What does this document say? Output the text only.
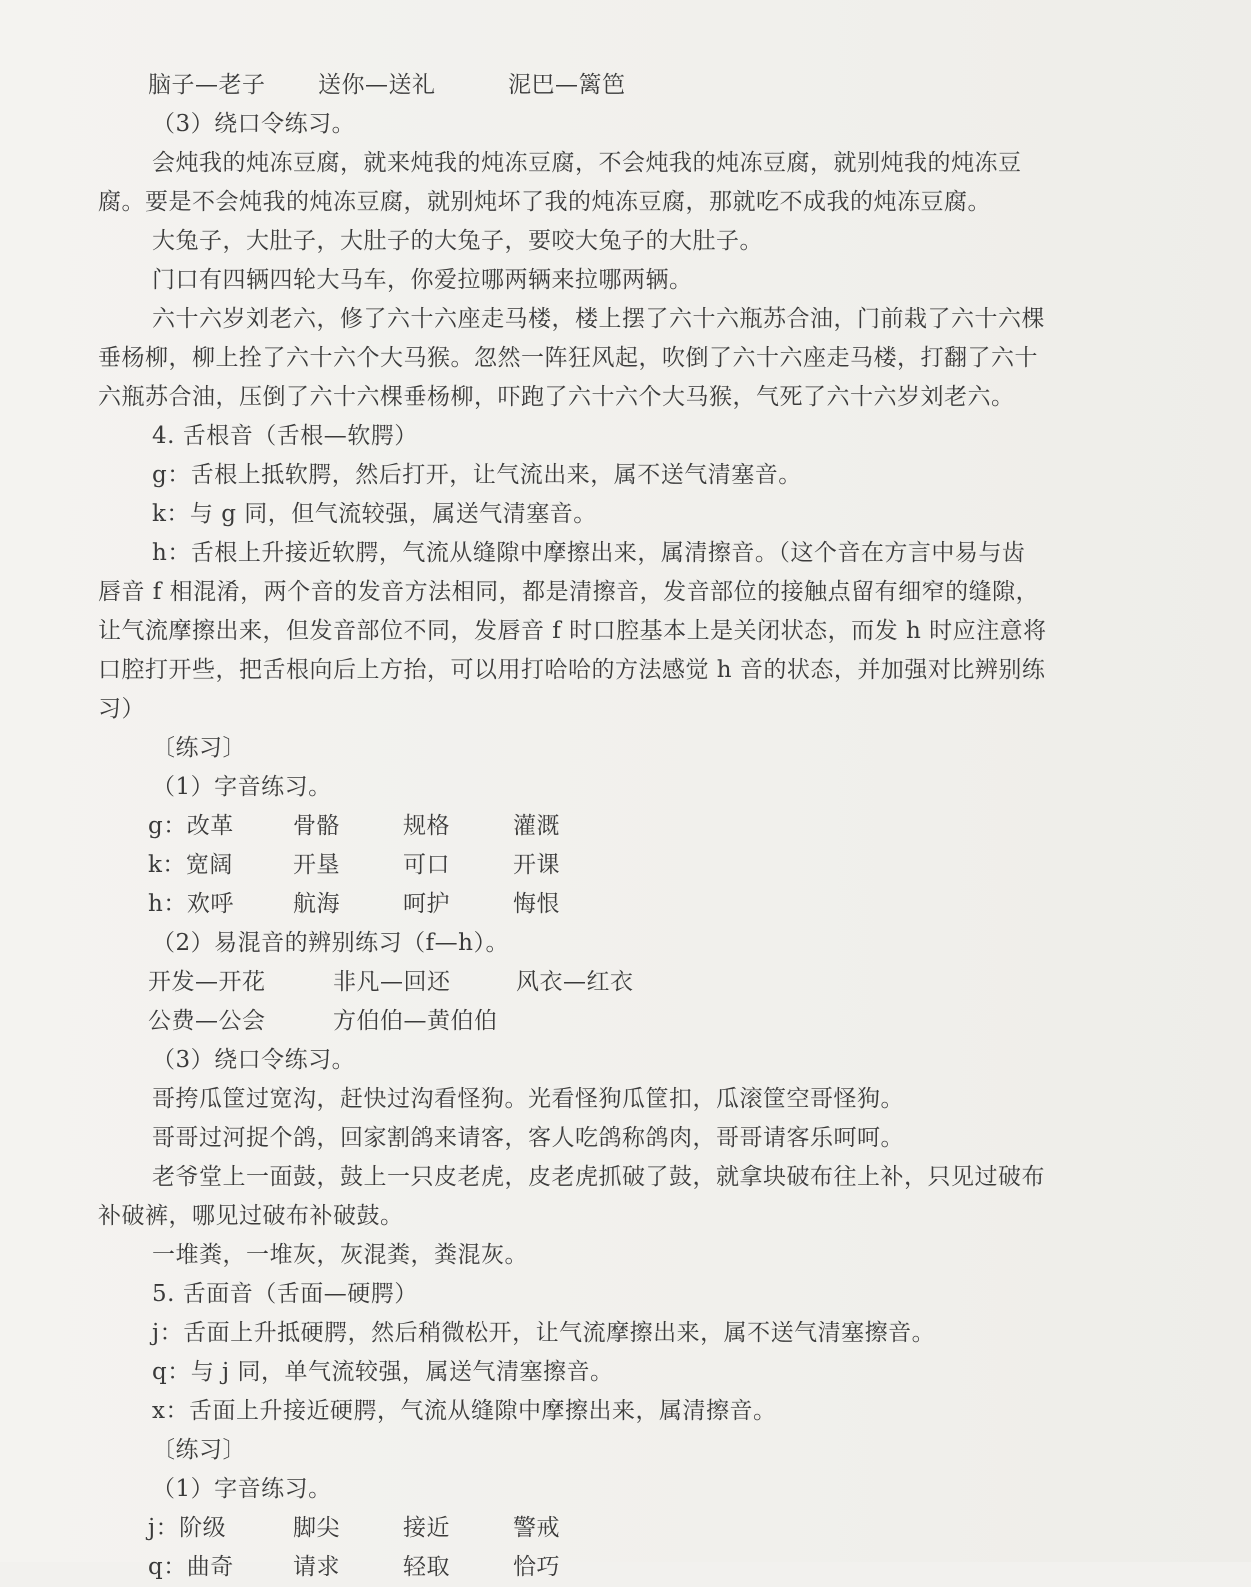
脑子—老子	送你—送礼	泥巴—篱笆
（3）绕口令练习。
会炖我的炖冻豆腐，就来炖我的炖冻豆腐，不会炖我的炖冻豆腐，就别炖我的炖冻豆
腐。要是不会炖我的炖冻豆腐，就别炖坏了我的炖冻豆腐，那就吃不成我的炖冻豆腐。
大兔子，大肚子，大肚子的大兔子，要咬大兔子的大肚子。
门口有四辆四轮大马车，你爱拉哪两辆来拉哪两辆。
六十六岁刘老六，修了六十六座走马楼，楼上摆了六十六瓶苏合油，门前栽了六十六棵
垂杨柳，柳上拴了六十六个大马猴。忽然一阵狂风起，吹倒了六十六座走马楼，打翻了六十
六瓶苏合油，压倒了六十六棵垂杨柳，吓跑了六十六个大马猴，气死了六十六岁刘老六。
4. 舌根音（舌根—软腭）
g：舌根上抵软腭，然后打开，让气流出来，属不送气清塞音。
k：与 g 同，但气流较强，属送气清塞音。
h：舌根上升接近软腭，气流从缝隙中摩擦出来，属清擦音。（这个音在方言中易与齿
唇音 f 相混淆，两个音的发音方法相同，都是清擦音，发音部位的接触点留有细窄的缝隙，
让气流摩擦出来，但发音部位不同，发唇音 f 时口腔基本上是关闭状态，而发 h 时应注意将
口腔打开些，把舌根向后上方抬，可以用打哈哈的方法感觉 h 音的状态，并加强对比辨别练
习）
〔练习〕
（1）字音练习。
g：改革	骨骼	规格	灌溉
k：宽阔	开垦	可口	开课
h：欢呼	航海	呵护	悔恨
（2）易混音的辨别练习（f—h）。
开发—开花	非凡—回还	风衣—红衣
公费—公会	方伯伯—黄伯伯
（3）绕口令练习。
哥挎瓜筐过宽沟，赶快过沟看怪狗。光看怪狗瓜筐扣，瓜滚筐空哥怪狗。
哥哥过河捉个鸽，回家割鸽来请客，客人吃鸽称鸽肉，哥哥请客乐呵呵。
老爷堂上一面鼓，鼓上一只皮老虎，皮老虎抓破了鼓，就拿块破布往上补，只见过破布
补破裤，哪见过破布补破鼓。
一堆粪，一堆灰，灰混粪，粪混灰。
5. 舌面音（舌面—硬腭）
j：舌面上升抵硬腭，然后稍微松开，让气流摩擦出来，属不送气清塞擦音。
q：与 j 同，单气流较强，属送气清塞擦音。
x：舌面上升接近硬腭，气流从缝隙中摩擦出来，属清擦音。
〔练习〕
（1）字音练习。
j：阶级	脚尖	接近	警戒
q：曲奇	请求	轻取	恰巧
